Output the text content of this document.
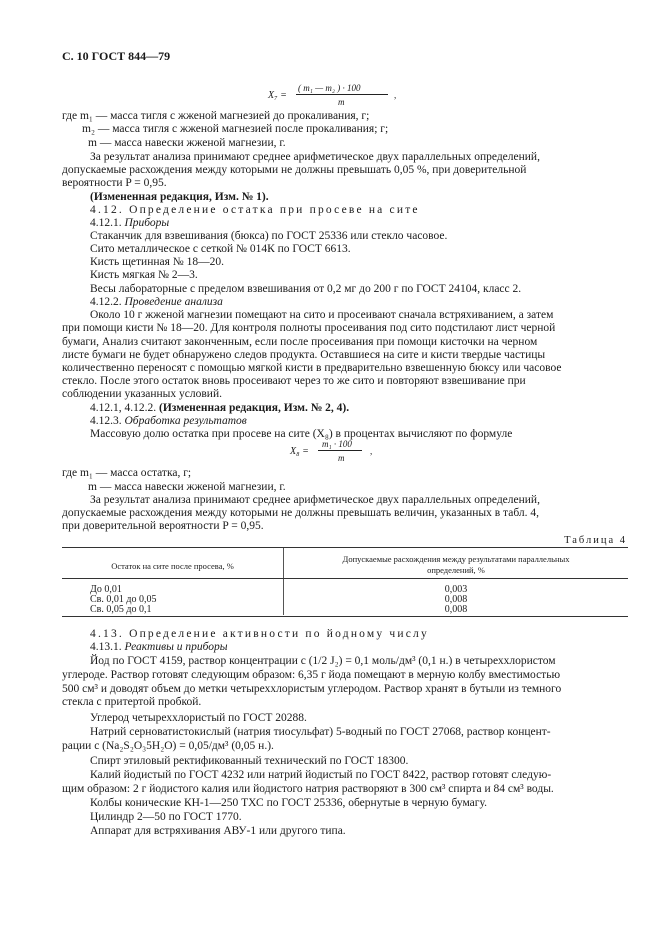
С. 10 ГОСТ 844—79
X₇ =
( m₁ — m₂ ) · 100
m
,
где m₁ — масса тигля с жженой магнезией до прокаливания, г;
m₂ — масса тигля с жженой магнезией после прокаливания; г;
m — масса навески жженой магнезии, г.
За результат анализа принимают среднее арифметическое двух параллельных определений,
допускаемые расхождения между которыми не должны превышать 0,05 %, при доверительной
вероятности P = 0,95.
(Измененная редакция, Изм. № 1).
4.12. Определение остатка при просеве на сите
4.12.1. Приборы
Стаканчик для взвешивания (бюкса) по ГОСТ 25336 или стекло часовое.
Сито металлическое с сеткой № 014К по ГОСТ 6613.
Кисть щетинная № 18—20.
Кисть мягкая № 2—3.
Весы лабораторные с пределом взвешивания от 0,2 мг до 200 г по ГОСТ 24104, класс 2.
4.12.2. Проведение анализа
Около 10 г жженой магнезии помещают на сито и просеивают сначала встряхиванием, а затем
при помощи кисти № 18—20. Для контроля полноты просеивания под сито подстилают лист черной
бумаги, Анализ считают законченным, если после просеивания при помощи кисточки на черном
листе бумаги не будет обнаружено следов продукта. Оставшиеся на сите и кисти твердые частицы
количественно переносят с помощью мягкой кисти в предварительно взвешенную бюксу или часовое
стекло. После этого остаток вновь просеивают через то же сито и повторяют взвешивание при
соблюдении указанных условий.
4.12.1, 4.12.2. (Измененная редакция, Изм. № 2, 4).
4.12.3. Обработка результатов
Массовую долю остатка при просеве на сите (X₈) в процентах вычисляют по формуле
X₈ =
m₁ · 100
m
,
где m₁ — масса остатка, г;
m — масса навески жженой магнезии, г.
За результат анализа принимают среднее арифметическое двух параллельных определений,
допускаемые расхождения между которыми не должны превышать величин, указанных в табл. 4,
при доверительной вероятности P = 0,95.
Таблица 4
Остаток на сите после просева, %
Допускаемые расхождения между результатами параллельных
определений, %
До 0,01	0,003
Св. 0,01 до 0,05	0,008
Св. 0,05 до 0,1	0,008
4.13. Определение активности по йодному числу
4.13.1. Реактивы и приборы
Йод по ГОСТ 4159, раствор концентрации с (1/2 J₂) = 0,1 моль/дм³ (0,1 н.) в четыреххлористом
углероде. Раствор готовят следующим образом: 6,35 г йода помещают в мерную колбу вместимостью
500 см³ и доводят объем до метки четыреххлористым углеродом. Раствор хранят в бутыли из темного
стекла с притертой пробкой.
Углерод четыреххлористый по ГОСТ 20288.
Натрий серноватистокислый (натрия тиосульфат) 5-водный по ГОСТ 27068, раствор концент-
рации с (Na₂S₂O₃5H₂O) = 0,05/дм³ (0,05 н.).
Спирт этиловый ректификованный технический по ГОСТ 18300.
Калий йодистый по ГОСТ 4232 или натрий йодистый по ГОСТ 8422, раствор готовят следую-
щим образом: 2 г йодистого калия или йодистого натрия растворяют в 300 см³ спирта и 84 см³ воды.
Колбы конические КН-1—250 ТХС по ГОСТ 25336, обернутые в черную бумагу.
Цилиндр 2—50 по ГОСТ 1770.
Аппарат для встряхивания АВУ-1 или другого типа.
